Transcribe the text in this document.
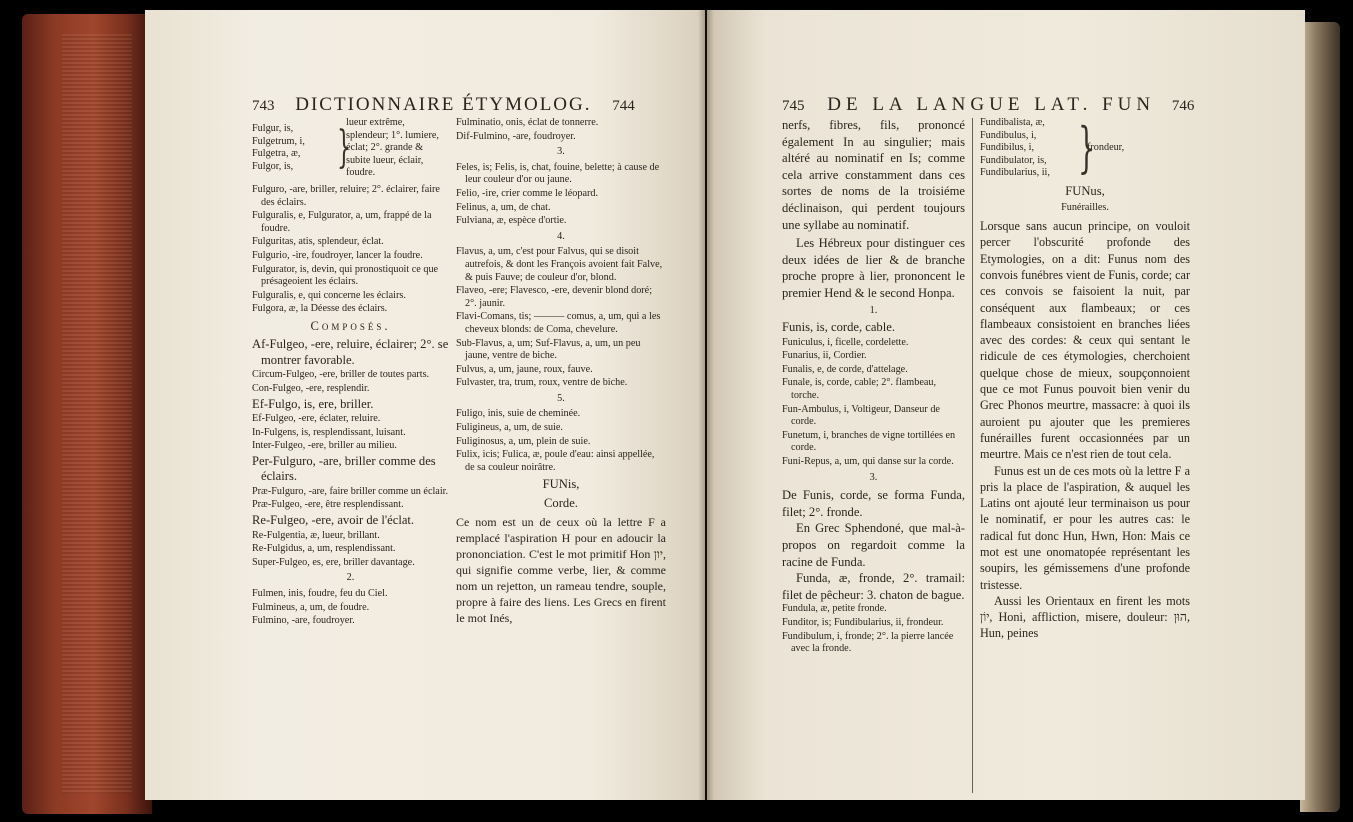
743 DICTIONNAIRE ÉTYMOLOG. 744
Fulgur, is,
Fulgetrum, i,
Fulgetra, æ,
Fulgor, is, }
lueur extrême, splendeur; 1°. lumiere, éclat; 2°. grande & subite lueur, éclair, foudre.
Fulguro, -are, briller, reluire; 2°. éclairer, faire des éclairs.
Fulguralis, e, Fulgurator, a, um, frappé de la foudre.
Fulguritas, atis, splendeur, éclat.
Fulgurio, -ire, foudroyer, lancer la foudre.
Fulgurator, is, devin, qui pronostiquoit ce que présageoient les éclairs.
Fulguralis, e, qui concerne les éclairs.
Fulgora, æ, la Déesse des éclairs.
Composés.
Af-Fulgeo, -ere, reluire, éclairer; 2°. se montrer favorable.
Circum-Fulgeo, -ere, briller de toutes parts.
Con-Fulgeo, -ere, resplendir.
Ef-Fulgo, is, ere, briller.
Ef-Fulgeo, -ere, éclater, reluire.
In-Fulgens, is, resplendissant, luisant.
Inter-Fulgeo, -ere, briller au milieu.
Per-Fulguro, -are, briller comme des éclairs.
Præ-Fulguro, -are, faire briller comme un éclair.
Præ-Fulgeo, -ere, être resplendissant.
Re-Fulgeo, -ere, avoir de l'éclat.
Re-Fulgentia, æ, lueur, brillant.
Re-Fulgidus, a, um, resplendissant.
Super-Fulgeo, es, ere, briller davantage.
2.
Fulmen, inis, foudre, feu du Ciel.
Fulmineus, a, um, de foudre.
Fulmino, -are, foudroyer.
Fulminatio, onis, éclat de tonnerre.
Dif-Fulmino, -are, foudroyer.
3.
Feles, is; Felis, is, chat, fouine, belette; à cause de leur couleur d'or ou jaune.
Felio, -ire, crier comme le léopard.
Felinus, a, um, de chat.
Fulviana, æ, espèce d'ortie.
4.
Flavus, a, um, c'est pour Falvus, qui se disoit autrefois, & dont les François avoient fait Falve, & puis Fauve; de couleur d'or, blond.
Flaveo, -ere; Flavesco, -ere, devenir blond doré; 2°. jaunir.
Flavi-Comans, tis; ——— comus, a, um, qui a les cheveux blonds: de Coma, chevelure.
Sub-Flavus, a, um; Suf-Flavus, a, um, un peu jaune, ventre de biche.
Fulvus, a, um, jaune, roux, fauve.
Fulvaster, tra, trum, roux, ventre de biche.
5.
Fuligo, inis, suie de cheminée.
Fuligineus, a, um, de suie.
Fuliginosus, a, um, plein de suie.
Fulix, icis; Fulica, æ, poule d'eau: ainsi appellée, de sa couleur noirâtre.
FUNis,
Corde.

Ce nom est un de ceux où la lettre F a remplacé l'aspiration H pour en adoucir la prononciation. C'est le mot primitif Hon יון, qui signifie comme verbe, lier, & comme nom un rejetton, un rameau tendre, souple, propre à faire des liens. Les Grecs en firent le mot Inés,

745 DE LA LANGUE LAT. FUN 746

nerfs, fibres, fils, prononcé également In au singulier; mais altéré au nominatif en Is; comme cela arrive constamment dans ces sortes de noms de la troisiéme déclinaison, qui perdent toujours une syllabe au nominatif.

Les Hébreux pour distinguer ces deux idées de lier & de branche proche propre à lier, prononcent le premier Hend & le second Honpa.

1.
Funis, is, corde, cable.
Funiculus, i, ficelle, cordelette.
Funarius, ii, Cordier.
Funalis, e, de corde, d'attelage.
Funale, is, corde, cable; 2°. flambeau, torche.
Fun-Ambulus, i, Voltigeur, Danseur de corde.
Funetum, i, branches de vigne tortillées en corde.
Funi-Repus, a, um, qui danse sur la corde.
3.

De Funis, corde, se forma Funda, filet; 2°. fronde.

En Grec Sphendoné, que mal-à-propos on regardoit comme la racine de Funda.

Funda, æ, fronde, 2°. tramail: filet de pêcheur: 3. chaton de bague.

Fundula, æ, petite fronde.
Funditor, is; Fundibularius, ii, frondeur.
Fundibulum, i, fronde; 2°. la pierre lancée avec la fronde.
Fundibalista, æ,
Fundibulus, i,
Fundibilus, i,
Fundibulator, is,
Fundibularius, ii, }
frondeur,
FUNus,
Funérailles.

Lorsque sans aucun principe, on vouloit percer l'obscurité profonde des Etymologies, on a dit: Funus nom des convois funébres vient de Funis, corde; car ces convois se faisoient la nuit, par conséquent aux flambeaux; or ces flambeaux consistoient en branches liées avec des cordes: & ceux qui sentant le ridicule de ces étymologies, cherchoient quelque chose de mieux, soupçonnoient que ce mot Funus pouvoit bien venir du Grec Phonos meurtre, massacre: à quoi ils auroient pu ajouter que les premieres funérailles furent occasionnées par un meurtre. Mais ce n'est rien de tout cela.

Funus est un de ces mots où la lettre F a pris la place de l'aspiration, & auquel les Latins ont ajouté leur terminaison us pour le nominatif, er pour les autres cas: le radical fut donc Hun, Hwn, Hon: Mais ce mot est une onomatopée représentant les soupirs, les gémissemens d'une profonde tristesse.

Aussi les Orientaux en firent les mots יוֹן, Honi, affliction, misere, douleur: הוּן, Hun, peines
